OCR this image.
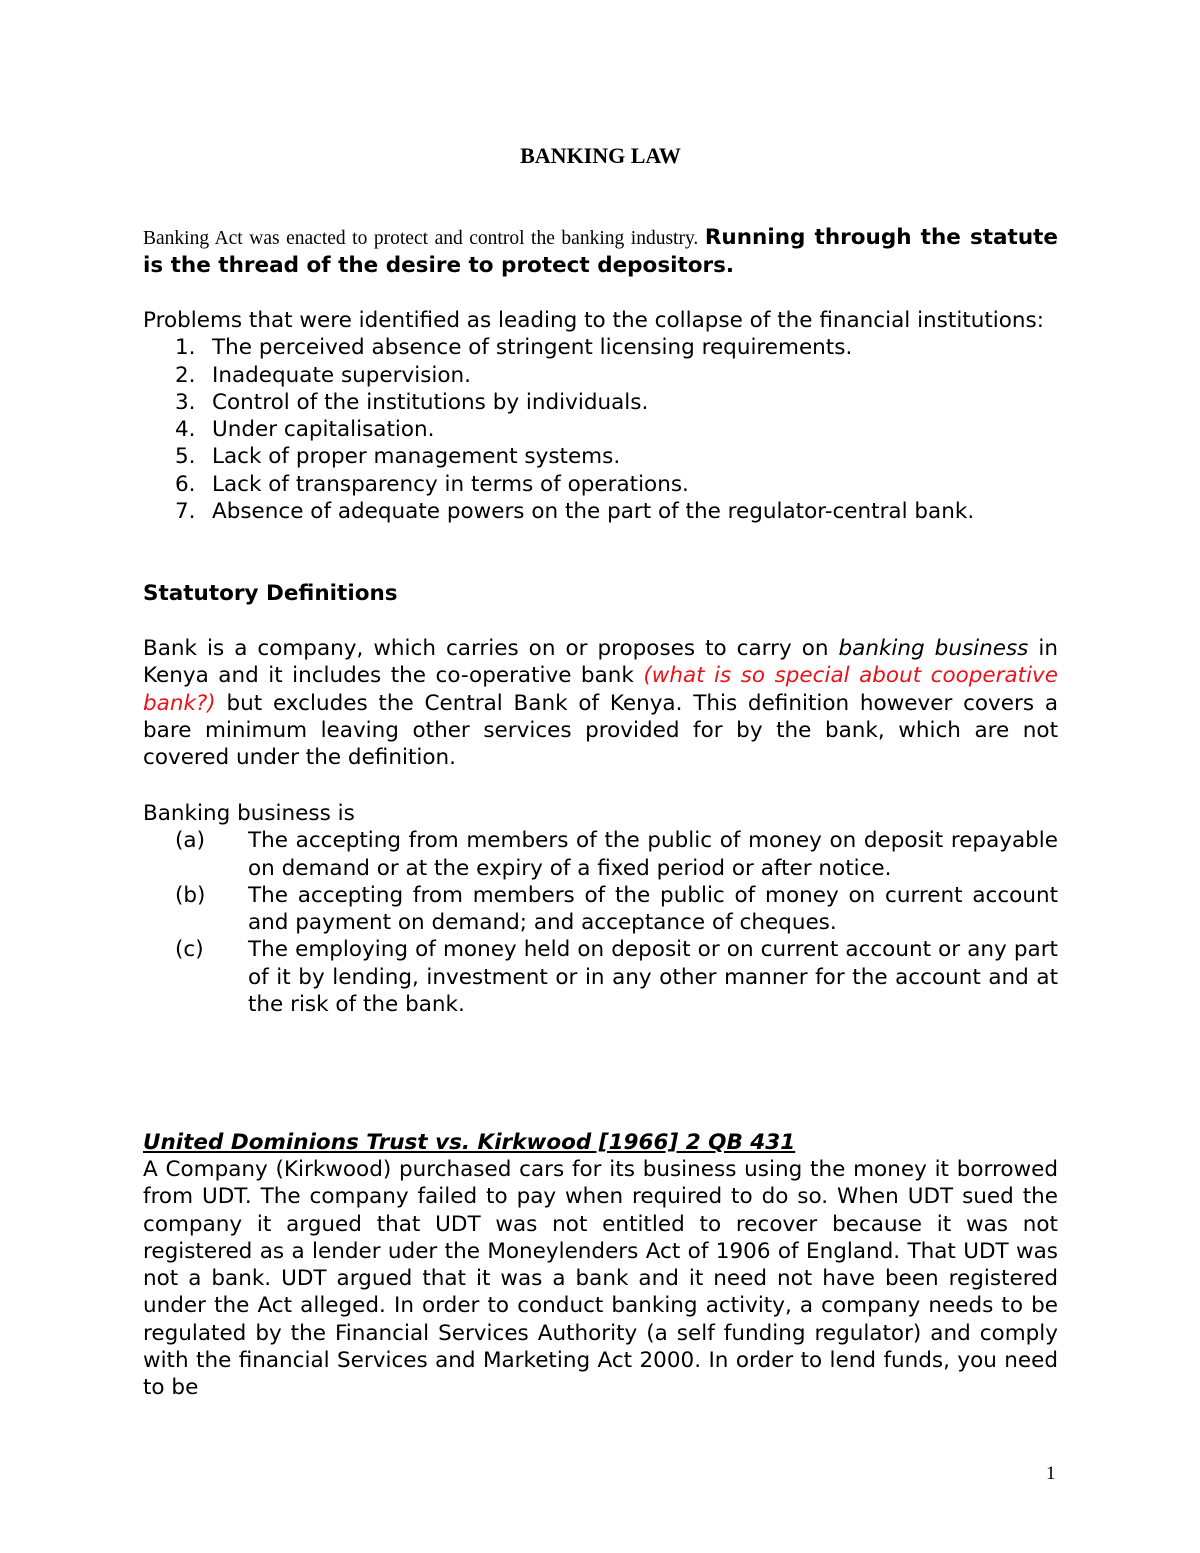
BANKING LAW

Banking Act was enacted to protect and control the banking industry. Running through the statute is the thread of the desire to protect depositors.

Problems that were identified as leading to the collapse of the financial institutions:

1. The perceived absence of stringent licensing requirements.
2. Inadequate supervision.
3. Control of the institutions by individuals.
4. Under capitalisation.
5. Lack of proper management systems.
6. Lack of transparency in terms of operations.
7. Absence of adequate powers on the part of the regulator-central bank.
Statutory Definitions

Bank is a company, which carries on or proposes to carry on banking business in Kenya and it includes the co-operative bank (what is so special about cooperative bank?) but excludes the Central Bank of Kenya. This definition however covers a bare minimum leaving other services provided for by the bank, which are not covered under the definition.

Banking business is

(a) The accepting from members of the public of money on deposit repayable on demand or at the expiry of a fixed period or after notice.
(b) The accepting from members of the public of money on current account and payment on demand; and acceptance of cheques.
(c) The employing of money held on deposit or on current account or any part of it by lending, investment or in any other manner for the account and at the risk of the bank.
United Dominions Trust vs. Kirkwood [1966] 2 QB 431

A Company (Kirkwood) purchased cars for its business using the money it borrowed from UDT. The company failed to pay when required to do so. When UDT sued the company it argued that UDT was not entitled to recover because it was not registered as a lender uder the Moneylenders Act of 1906 of England. That UDT was not a bank. UDT argued that it was a bank and it need not have been registered under the Act alleged. In order to conduct banking activity, a company needs to be regulated by the Financial Services Authority (a self funding regulator) and comply with the financial Services and Marketing Act 2000. In order to lend funds, you need to be

1
